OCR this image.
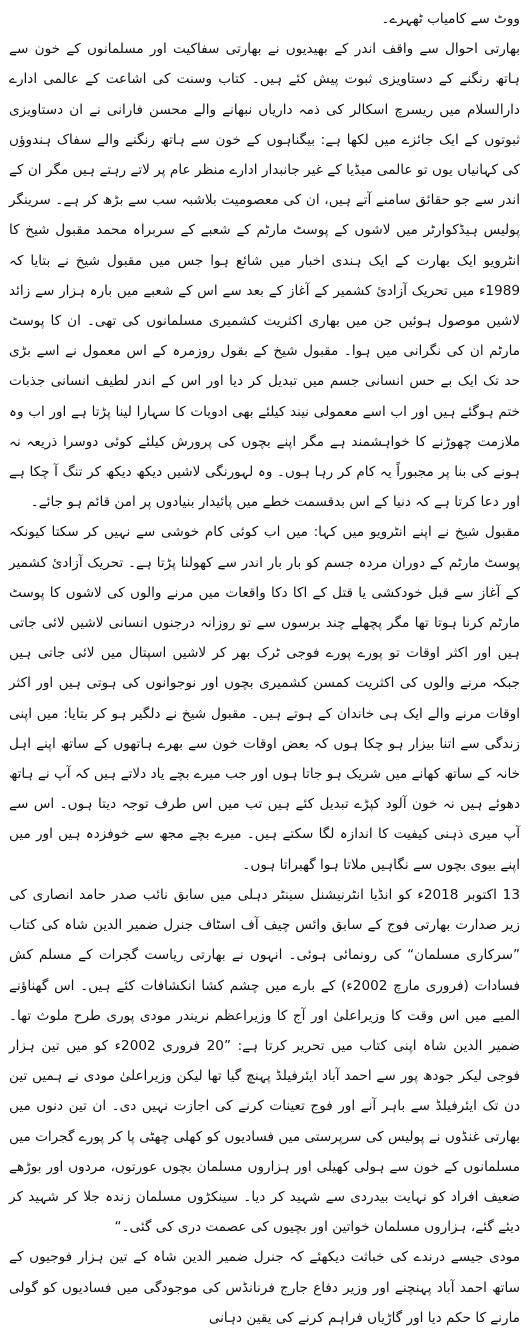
ووٹ سے کامیاب ٹھہرے۔

بھارتی احوال سے واقف اندر کے بھیدیوں نے بھارتی سفاکیت اور مسلمانوں کے خون سے ہاتھ رنگنے کے دستاویزی ثبوت پیش کئے ہیں۔ کتاب وسنت کی اشاعت کے عالمی ادارے دارالسلام میں ریسرچ اسکالر کی ذمہ داریاں نبھانے والے محسن فارانی نے ان دستاویزی ثبوتوں کے ایک جائزے میں لکھا ہے: بیگناہوں کے خون سے ہاتھ رنگنے والے سفاک ہندوؤں کی کہانیاں یوں تو عالمی میڈیا کے غیر جانبدار ادارے منظر عام پر لاتے رہتے ہیں مگر ان کے اندر سے جو حقائق سامنے آتے ہیں، ان کی معصومیت بلاشبہ سب سے بڑھ کر ہے۔ سرینگر پولیس ہیڈکوارٹر میں لاشوں کے پوسٹ مارٹم کے شعبے کے سربراہ محمد مقبول شیخ کا انٹرویو ایک بھارت کے ایک ہندی اخبار میں شائع ہوا جس میں مقبول شیخ نے بتایا کہ 1989ء میں تحریک آزادیٔ کشمیر کے آغاز کے بعد سے اس کے شعبے میں بارہ ہزار سے زائد لاشیں موصول ہوئیں جن میں بھاری اکثریت کشمیری مسلمانوں کی تھی۔ ان کا پوسٹ مارٹم ان کی نگرانی میں ہوا۔ مقبول شیخ کے بقول روزمرہ کے اس معمول نے اسے بڑی حد تک ایک بے حس انسانی جسم میں تبدیل کر دیا اور اس کے اندر لطیف انسانی جذبات ختم ہوگئے ہیں اور اب اسے معمولی نیند کیلئے بھی ادویات کا سہارا لینا پڑتا ہے اور اب وہ ملازمت چھوڑنے کا خواہشمند ہے مگر اپنے بچوں کی پرورش کیلئے کوئی دوسرا ذریعہ نہ ہونے کی بنا پر مجبوراً یہ کام کر رہا ہوں۔ وہ لہورنگی لاشیں دیکھ دیکھ کر تنگ آ چکا ہے اور دعا کرتا ہے کہ دنیا کے اس بدقسمت خطے میں پائیدار بنیادوں پر امن قائم ہو جائے۔

مقبول شیخ نے اپنے انٹرویو میں کہا: میں اب کوئی کام خوشی سے نہیں کر سکتا کیونکہ پوسٹ مارٹم کے دوران مردہ جسم کو بار بار اندر سے کھولنا پڑتا ہے۔ تحریک آزادیٔ کشمیر کے آغاز سے قبل خودکشی یا قتل کے اکا دکا واقعات میں مرنے والوں کی لاشوں کا پوسٹ مارٹم کرنا ہوتا تھا مگر پچھلے چند برسوں سے تو روزانہ درجنوں انسانی لاشیں لائی جاتی ہیں اور اکثر اوقات تو پورے پورے فوجی ٹرک بھر کر لاشیں اسپتال میں لائی جاتی ہیں جبکہ مرنے والوں کی اکثریت کمسن کشمیری بچوں اور نوجوانوں کی ہوتی ہیں اور اکثر اوقات مرنے والے ایک ہی خاندان کے ہوتے ہیں۔ مقبول شیخ نے دلگیر ہو کر بتایا: میں اپنی زندگی سے اتنا بیزار ہو چکا ہوں کہ بعض اوقات خون سے بھرے ہاتھوں کے ساتھ اپنے اہل خانہ کے ساتھ کھانے میں شریک ہو جاتا ہوں اور جب میرے بچے یاد دلاتے ہیں کہ آپ نے ہاتھ دھوئے ہیں نہ خون آلود کپڑے تبدیل کئے ہیں تب میں اس طرف توجہ دیتا ہوں۔ اس سے آپ میری ذہنی کیفیت کا اندازہ لگا سکتے ہیں۔ میرے بچے مجھ سے خوفزدہ ہیں اور میں اپنے بیوی بچوں سے نگاہیں ملاتا ہوا گھبراتا ہوں۔

13 اکتوبر 2018ء کو انڈیا انٹرنیشنل سینٹر دہلی میں سابق نائب صدر حامد انصاری کی زیر صدارت بھارتی فوج کے سابق وائس چیف آف اسٹاف جنرل ضمیر الدین شاہ کی کتاب ”سرکاری مسلمان“ کی رونمائی ہوئی۔ انہوں نے بھارتی ریاست گجرات کے مسلم کش فسادات (فروری مارچ 2002ء) کے بارے میں چشم کشا انکشافات کئے ہیں۔ اس گھناؤنے المیے میں اس وقت کا وزیراعلیٰ اور آج کا وزیراعظم نریندر مودی پوری طرح ملوث تھا۔ ضمیر الدین شاہ اپنی کتاب میں تحریر کرتا ہے: ”20 فروری 2002ء کو میں تین ہزار فوجی لیکر جودھ پور سے احمد آباد ایئرفیلڈ پہنچ گیا تھا لیکن وزیراعلیٰ مودی نے ہمیں تین دن تک ایئرفیلڈ سے باہر آنے اور فوج تعینات کرنے کی اجازت نہیں دی۔ ان تین دنوں میں بھارتی غنڈوں نے پولیس کی سرپرستی میں فسادیوں کو کھلی چھٹی پا کر پورے گجرات میں مسلمانوں کے خون سے ہولی کھیلی اور ہزاروں مسلمان بچوں عورتوں، مردوں اور بوڑھے ضعیف افراد کو نہایت بیدردی سے شہید کر دیا۔ سینکڑوں مسلمان زندہ جلا کر شہید کر دیئے گئے، ہزاروں مسلمان خواتین اور بچیوں کی عصمت دری کی گئی۔“

مودی جیسے درندے کی خباثت دیکھئے کہ جنرل ضمیر الدین شاہ کے تین ہزار فوجیوں کے ساتھ احمد آباد پہنچنے اور وزیر دفاع جارج فرنانڈس کی موجودگی میں فسادیوں کو گولی مارنے کا حکم دیا اور گاڑیاں فراہم کرنے کی یقین دہانی
